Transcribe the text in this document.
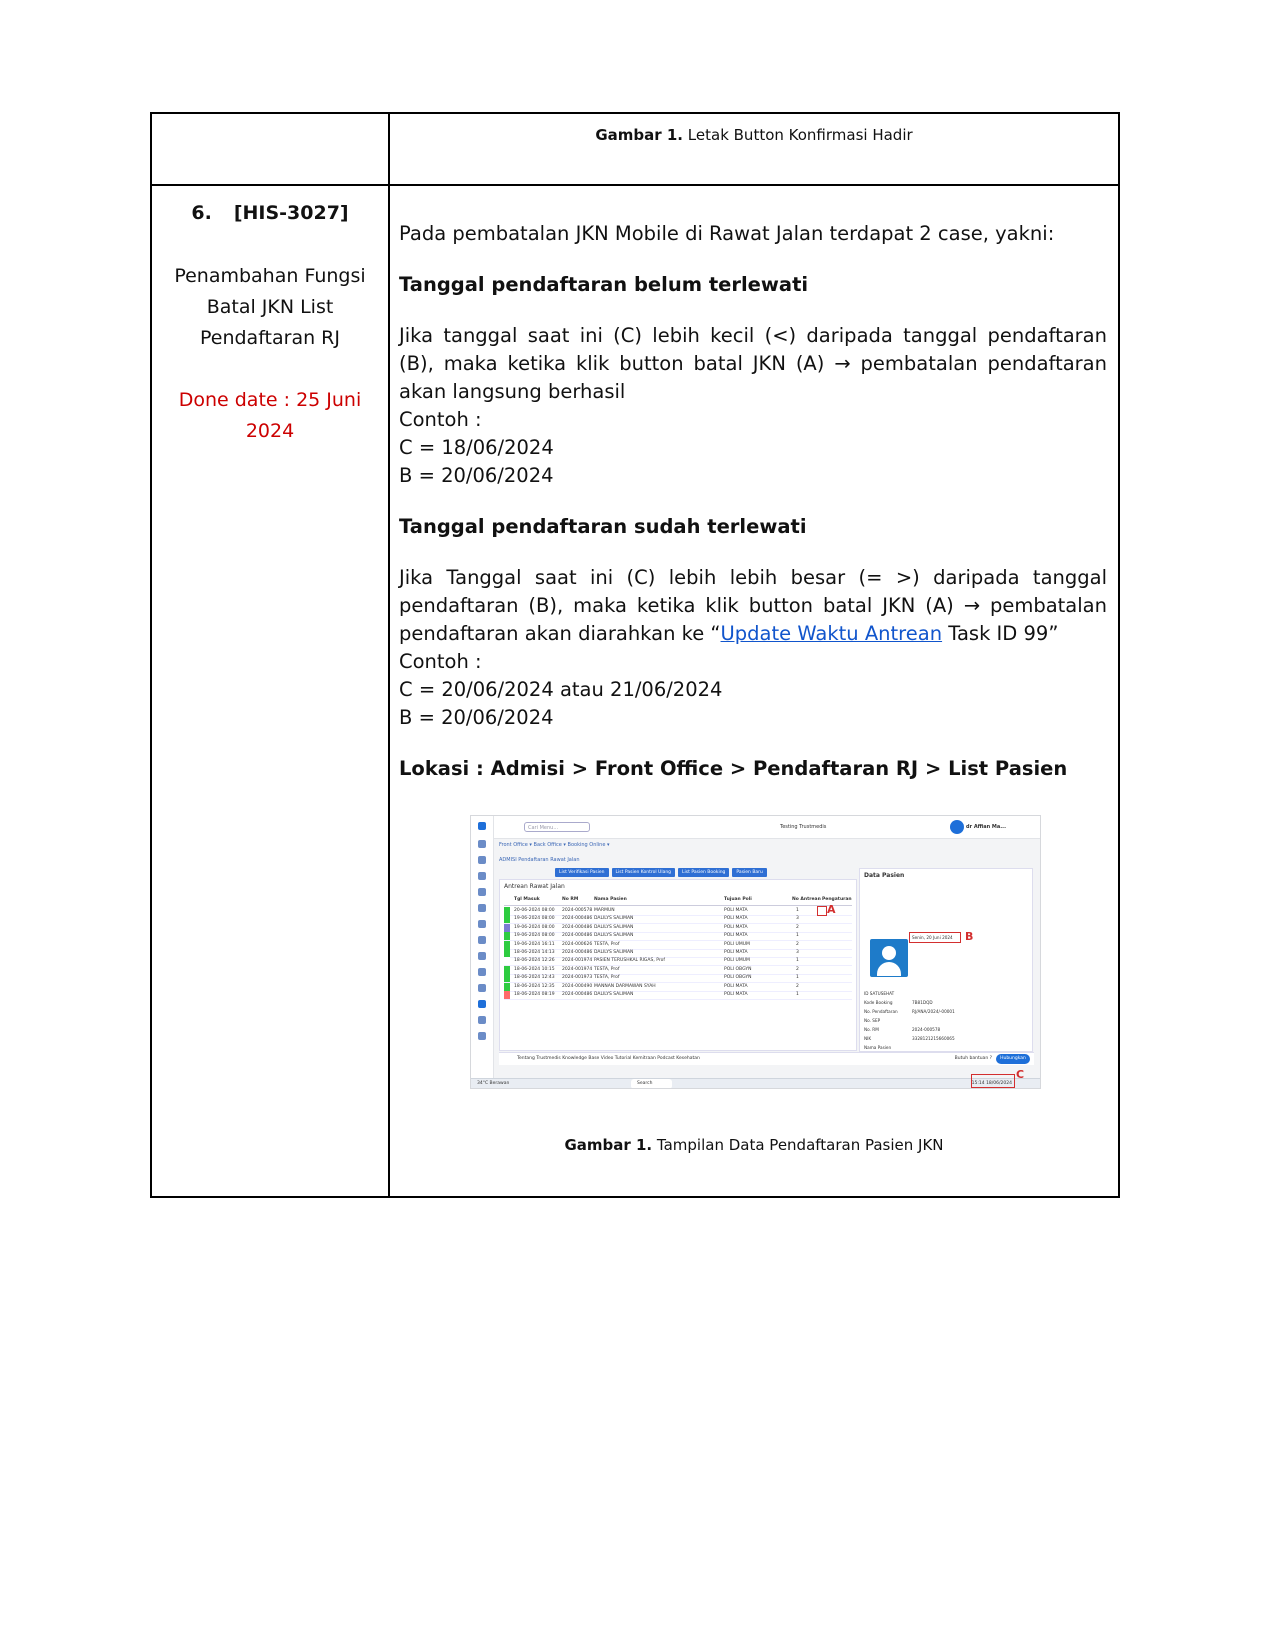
Gambar 1. Letak Button Konfirmasi Hadir
6. [HIS-3027]
Penambahan Fungsi
Batal JKN List
Pendaftaran RJ
Done date : 25 Juni
2024

Pada pembatalan JKN Mobile di Rawat Jalan terdapat 2 case, yakni:

Tanggal pendaftaran belum terlewati

Jika tanggal saat ini (C) lebih kecil (<) daripada tanggal pendaftaran (B), maka ketika klik button batal JKN (A) → pembatalan pendaftaran akan langsung berhasil

Contoh :

C = 18/06/2024

B = 20/06/2024

Tanggal pendaftaran sudah terlewati

Jika Tanggal saat ini (C) lebih lebih besar (= >) daripada tanggal pendaftaran (B), maka ketika klik button batal JKN (A) → pembatalan pendaftaran akan diarahkan ke “Update Waktu Antrean Task ID 99”

Contoh :

C = 20/06/2024 atau 21/06/2024

B = 20/06/2024

Lokasi : Admisi > Front Office > Pendaftaran RJ > List Pasien

Cari Menu...	Testing Trustmedis	dr Affian Ma...
Front Office ▾ Back Office ▾ Booking Online ▾
ADMISI Pendaftaran Rawat Jalan
List Verifikasi Pasien List Pasien Kontrol Ulang List Pasien Booking Pasien Baru
Antrean Rawat Jalan
Tgl Masuk	No RM	Nama Pasien	Tujuan Poli	No Antrean Pengaturan
20-06-2024 08:00 2024-000578 MARMUN	POLI MATA	1
19-06-2024 08:00 2024-000486 DALILYS SALIMAN	POLI MATA	3
19-06-2024 08:00 2024-000486 DALILYS SALIMAN	POLI MATA	2
19-06-2024 08:00 2024-000486 DALILYS SALIMAN	POLI MATA	1
19-06-2024 16:11 2024-000626 TESTA, Prof	POLI UMUM	2
18-06-2024 14:13 2024-000486 DALILYS SALIMAN	POLI MATA	3
18-06-2024 12:26 2024-001974 PASIEN TERUSHKAL RIGAS, Prof	POLI UMUM	1
18-06-2024 10:15 2024-001974 TESTA, Prof	POLI OBGYN	2
18-06-2024 12:43 2024-001973 TESTA, Prof	POLI OBGYN	1
18-06-2024 12:35 2024-000490 MANNAN DARMAWAN SYAH	POLI MATA	2
18-06-2024 08:19 2024-000486 DALILYS SALIMAN	POLI MATA	1
A
Data Pasien
Senin, 20 Juni 2024
ID SATUSEHAT
Kode Booking	7B81DQD
No. Pendaftaran	RJ/ANA/2024/-00001
No. SEP
No. RM	2024-000578
NIK	3328121215660065
Nama Pasien
B
Tentang Trustmedis Knowledge Base Video Tutorial Kemitraan Podcast Kesehatan	Butuh bantuan ?	Hubungkan
34°C Berawan	Search	15:14 18/06/2024
C
Gambar 1. Tampilan Data Pendaftaran Pasien JKN
